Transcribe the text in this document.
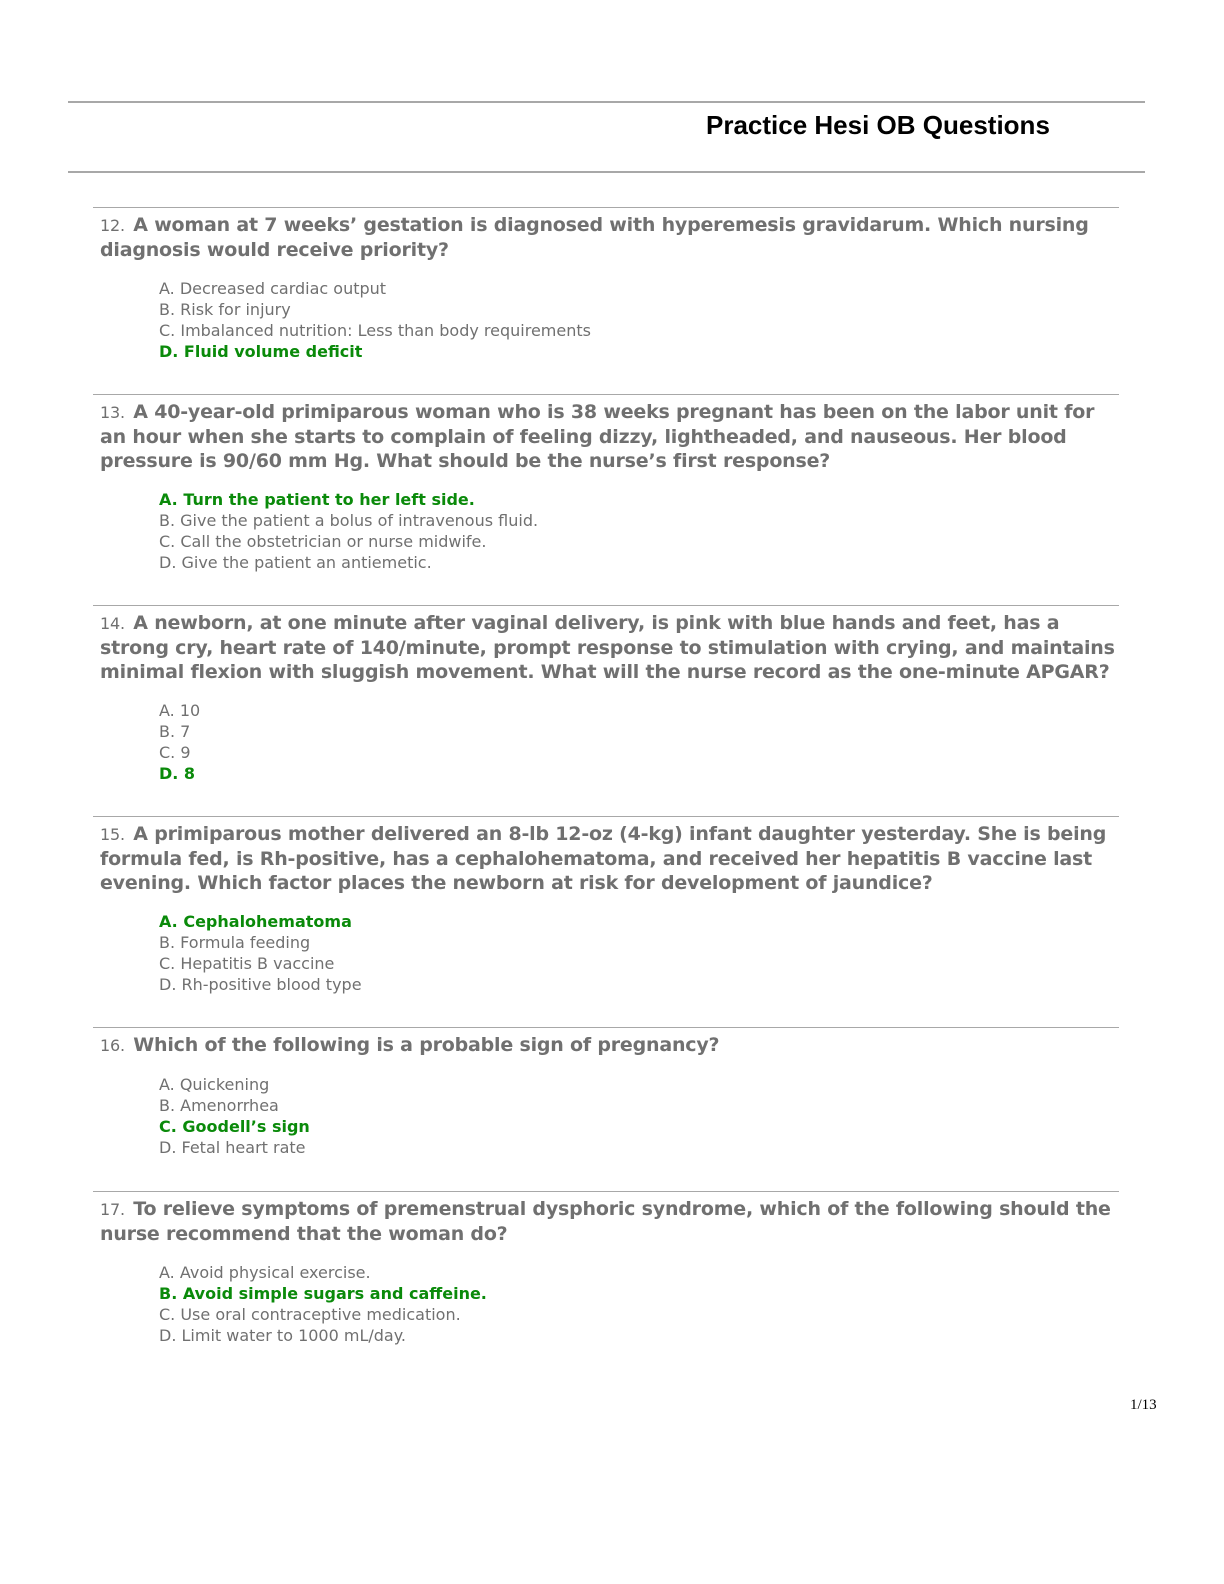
Practice Hesi OB Questions
12. A woman at 7 weeks’ gestation is diagnosed with hyperemesis gravidarum. Which nursing diagnosis would receive priority?
A. Decreased cardiac output
B. Risk for injury
C. Imbalanced nutrition: Less than body requirements
D. Fluid volume deficit
13. A 40-year-old primiparous woman who is 38 weeks pregnant has been on the labor unit for an hour when she starts to complain of feeling dizzy, lightheaded, and nauseous. Her blood pressure is 90/60 mm Hg. What should be the nurse’s first response?
A. Turn the patient to her left side.
B. Give the patient a bolus of intravenous fluid.
C. Call the obstetrician or nurse midwife.
D. Give the patient an antiemetic.
14. A newborn, at one minute after vaginal delivery, is pink with blue hands and feet, has a strong cry, heart rate of 140/minute, prompt response to stimulation with crying, and maintains minimal flexion with sluggish movement. What will the nurse record as the one-minute APGAR?
A. 10
B. 7
C. 9
D. 8
15. A primiparous mother delivered an 8-lb 12-oz (4-kg) infant daughter yesterday. She is being formula fed, is Rh-positive, has a cephalohematoma, and received her hepatitis B vaccine last evening. Which factor places the newborn at risk for development of jaundice?
A. Cephalohematoma
B. Formula feeding
C. Hepatitis B vaccine
D. Rh-positive blood type
16. Which of the following is a probable sign of pregnancy?
A. Quickening
B. Amenorrhea
C. Goodell’s sign
D. Fetal heart rate
17. To relieve symptoms of premenstrual dysphoric syndrome, which of the following should the nurse recommend that the woman do?
A. Avoid physical exercise.
B. Avoid simple sugars and caffeine.
C. Use oral contraceptive medication.
D. Limit water to 1000 mL/day.
1/13
